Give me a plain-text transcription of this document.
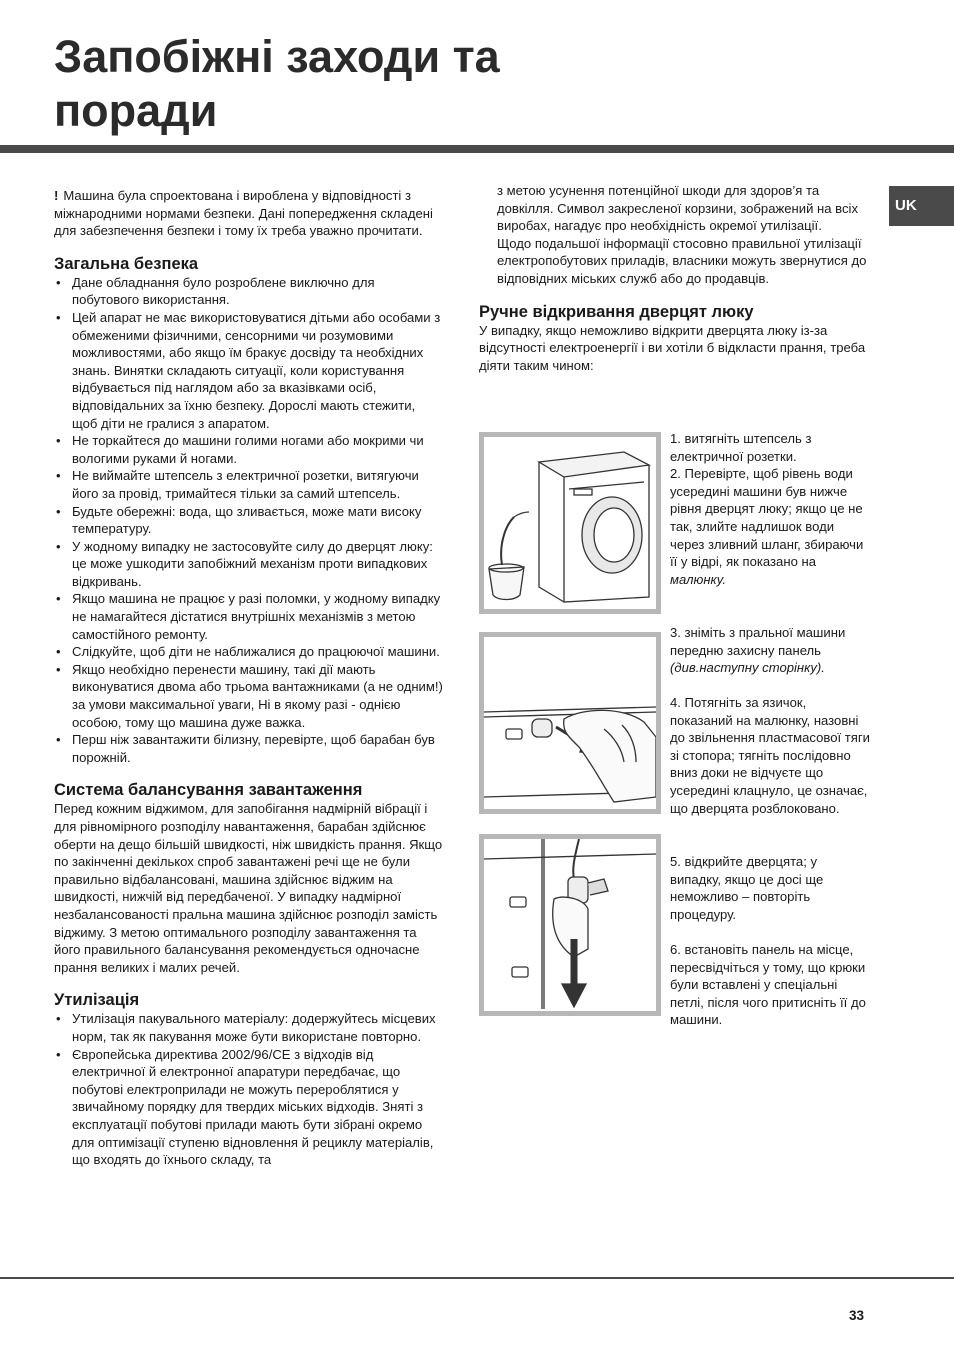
Запобіжні заходи та
поради
UK

! Машина була спроектована і вироблена у відповідності з міжнародними нормами безпеки. Дані попередження складені для забезпечення безпеки і тому їх треба уважно прочитати.

Загальна безпека
• Дане обладнання було розроблене виключно для побутового використання.
• Цей апарат не має використовуватися дітьми або особами з обмеженими фізичними, сенсорними чи розумовими можливостями, або якщо їм бракує досвіду та необхідних знань. Винятки складають ситуації, коли користування відбувається під наглядом або за вказівками осіб, відповідальних за їхню безпеку. Дорослі мають стежити, щоб діти не гралися з апаратом.
• Не торкайтеся до машини голими ногами або мокрими чи вологими руками й ногами.
• Не виймайте штепсель з електричної розетки, витягуючи його за провід, тримайтеся тільки за самий штепсель.
• Будьте обережні: вода, що зливається, може мати високу температуру.
• У жодному випадку не застосовуйте силу до дверцят люку: це може ушкодити запобіжний механізм проти випадкових відкривань.
• Якщо машина не працює у разі поломки, у жодному випадку не намагайтеся дістатися внутрішніх механізмів з метою самостійного ремонту.
• Слідкуйте, щоб діти не наближалися до працюючої машини.
• Якщо необхідно перенести машину, такі дії мають виконуватися двома або трьома вантажниками (а не одним!) за умови максимальної уваги, Ні в якому разі - однією особою, тому що машина дуже важка.
• Перш ніж завантажити білизну, перевірте, щоб барабан був порожній.
Система балансування завантаження

Перед кожним віджимом, для запобігання надмірній вібрації і для рівномірного розподілу навантаження, барабан здійснює оберти на дещо більшій швидкості, ніж швидкість прання. Якщо по закінченні декількох спроб завантажені речі ще не були правильно відбалансовані, машина здійснює віджим на швидкості, нижчій від передбаченої. У випадку надмірної незбалансованості пральна машина здійснює розподіл замість віджиму. З метою оптимального розподілу завантаження та його правильного балансування рекомендується одночасне прання великих і малих речей.

Утилізація
• Утилізація пакувального матеріалу: додержуйтесь місцевих норм, так як пакування може бути використане повторно.
• Європейська директива 2002/96/CE з відходів від електричної й електронної апаратури передбачає, що побутові електроприлади не можуть перероблятися у звичайному порядку для твердих міських відходів. Зняті з експлуатації побутові прилади мають бути зібрані окремо для оптимізації ступеню відновлення й рециклу матеріалів, що входять до їхнього складу, та

з метою усунення потенційної шкоди для здоров’я та довкілля. Символ закресленої корзини, зображений на всіх виробах, нагадує про необхідність окремої утилізації.

Щодо подальшої інформації стосовно правильної утилізації електропобутових приладів, власники можуть звернутися до відповідних міських служб або до продавців.

Ручне відкривання дверцят люку

У випадку, якщо неможливо відкрити дверцята люку із-за відсутності електроенергії і ви хотіли б відкласти прання, треба діяти таким чином:

1. витягніть штепсель з електричної розетки.

2. Перевірте, щоб рівень води усередині машини був нижче рівня дверцят люку; якщо це не так, злийте надлишок води через зливний шланг, збираючи її у відрі, як показано на малюнку.

3. зніміть з пральної машини передню захисну панель (див.наступну сторінку).

4. Потягніть за язичок, показаний на малюнку, назовні до звільнення пластмасової тяги зі стопора; тягніть послідовно вниз доки не відчуєте що усередині клацнуло, це означає, що дверцята розблоковано.

5. відкрийте дверцята; у випадку, якщо це досі ще неможливо – повторіть процедуру.

6. встановіть панель на місце, пересвідчіться у тому, що крюки були вставлені у спеціальні петлі, після чого притисніть її до машини.

33
